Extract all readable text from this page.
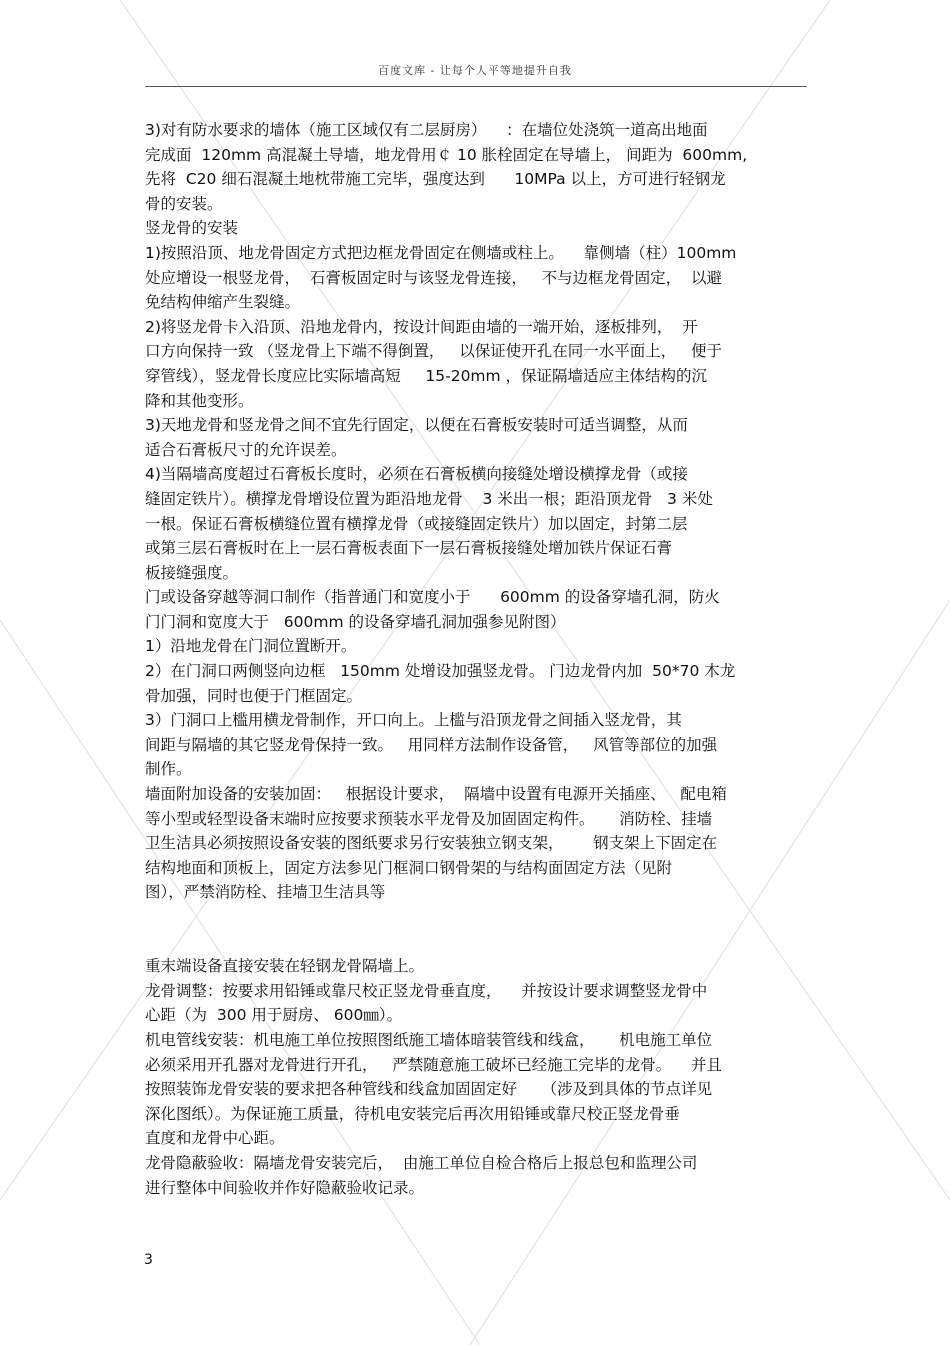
百度文库 - 让每个人平等地提升自我
3)对有防水要求的墙体（施工区域仅有二层厨房）    ：在墙位处浇筑一道高出地面
完成面  120mm 高混凝土导墙，地龙骨用￠ 10 胀栓固定在导墙上， 间距为  600mm,
先将  C20 细石混凝土地枕带施工完毕，强度达到      10MPa 以上，方可进行轻钢龙
骨的安装。
竖龙骨的安装
1)按照沿顶、地龙骨固定方式把边框龙骨固定在侧墙或柱上。    靠侧墙（柱）100mm
处应增设一根竖龙骨，  石膏板固定时与该竖龙骨连接，   不与边框龙骨固定，  以避
免结构伸缩产生裂缝。
2)将竖龙骨卡入沿顶、沿地龙骨内，按设计间距由墙的一端开始，逐板排列，  开
口方向保持一致 （竖龙骨上下端不得倒置，   以保证使开孔在同一水平面上，   便于
穿管线），竖龙骨长度应比实际墙高短     15-20mm ，保证隔墙适应主体结构的沉
降和其他变形。
3)天地龙骨和竖龙骨之间不宜先行固定，以便在石膏板安装时可适当调整，从而
适合石膏板尺寸的允许误差。
4)当隔墙高度超过石膏板长度时，必须在石膏板横向接缝处增设横撑龙骨（或接
缝固定铁片）。横撑龙骨增设位置为距沿地龙骨    3 米出一根；距沿顶龙骨   3 米处
一根。保证石膏板横缝位置有横撑龙骨（或接缝固定铁片）加以固定，封第二层
或第三层石膏板时在上一层石膏板表面下一层石膏板接缝处增加铁片保证石膏
板接缝强度。
门或设备穿越等洞口制作（指普通门和宽度小于      600mm 的设备穿墙孔洞，防火
门门洞和宽度大于   600mm 的设备穿墙孔洞加强参见附图）
1）沿地龙骨在门洞位置断开。
2）在门洞口两侧竖向边框   150mm 处增设加强竖龙骨。 门边龙骨内加  50*70 木龙
骨加强，同时也便于门框固定。
3）门洞口上槛用横龙骨制作，开口向上。上槛与沿顶龙骨之间插入竖龙骨，其
间距与隔墙的其它竖龙骨保持一致。   用同样方法制作设备管，   风管等部位的加强
制作。
墙面附加设备的安装加固：   根据设计要求，  隔墙中设置有电源开关插座、   配电箱
等小型或轻型设备末端时应按要求预装水平龙骨及加固固定构件。     消防栓、挂墙
卫生洁具必须按照设备安装的图纸要求另行安装独立钢支架，      钢支架上下固定在
结构地面和顶板上，固定方法参见门框洞口钢骨架的与结构面固定方法（见附
图），严禁消防栓、挂墙卫生洁具等
重末端设备直接安装在轻钢龙骨隔墙上。
龙骨调整：按要求用铅锤或靠尺校正竖龙骨垂直度，    并按设计要求调整竖龙骨中
心距（为  300 用于厨房、 600㎜）。
机电管线安装：机电施工单位按照图纸施工墙体暗装管线和线盒，     机电施工单位
必须采用开孔器对龙骨进行开孔，   严禁随意施工破坏已经施工完毕的龙骨。    并且
按照装饰龙骨安装的要求把各种管线和线盒加固固定好     （涉及到具体的节点详见
深化图纸）。为保证施工质量，待机电安装完后再次用铅锤或靠尺校正竖龙骨垂
直度和龙骨中心距。
龙骨隐蔽验收：隔墙龙骨安装完后，  由施工单位自检合格后上报总包和监理公司
进行整体中间验收并作好隐蔽验收记录。
3
